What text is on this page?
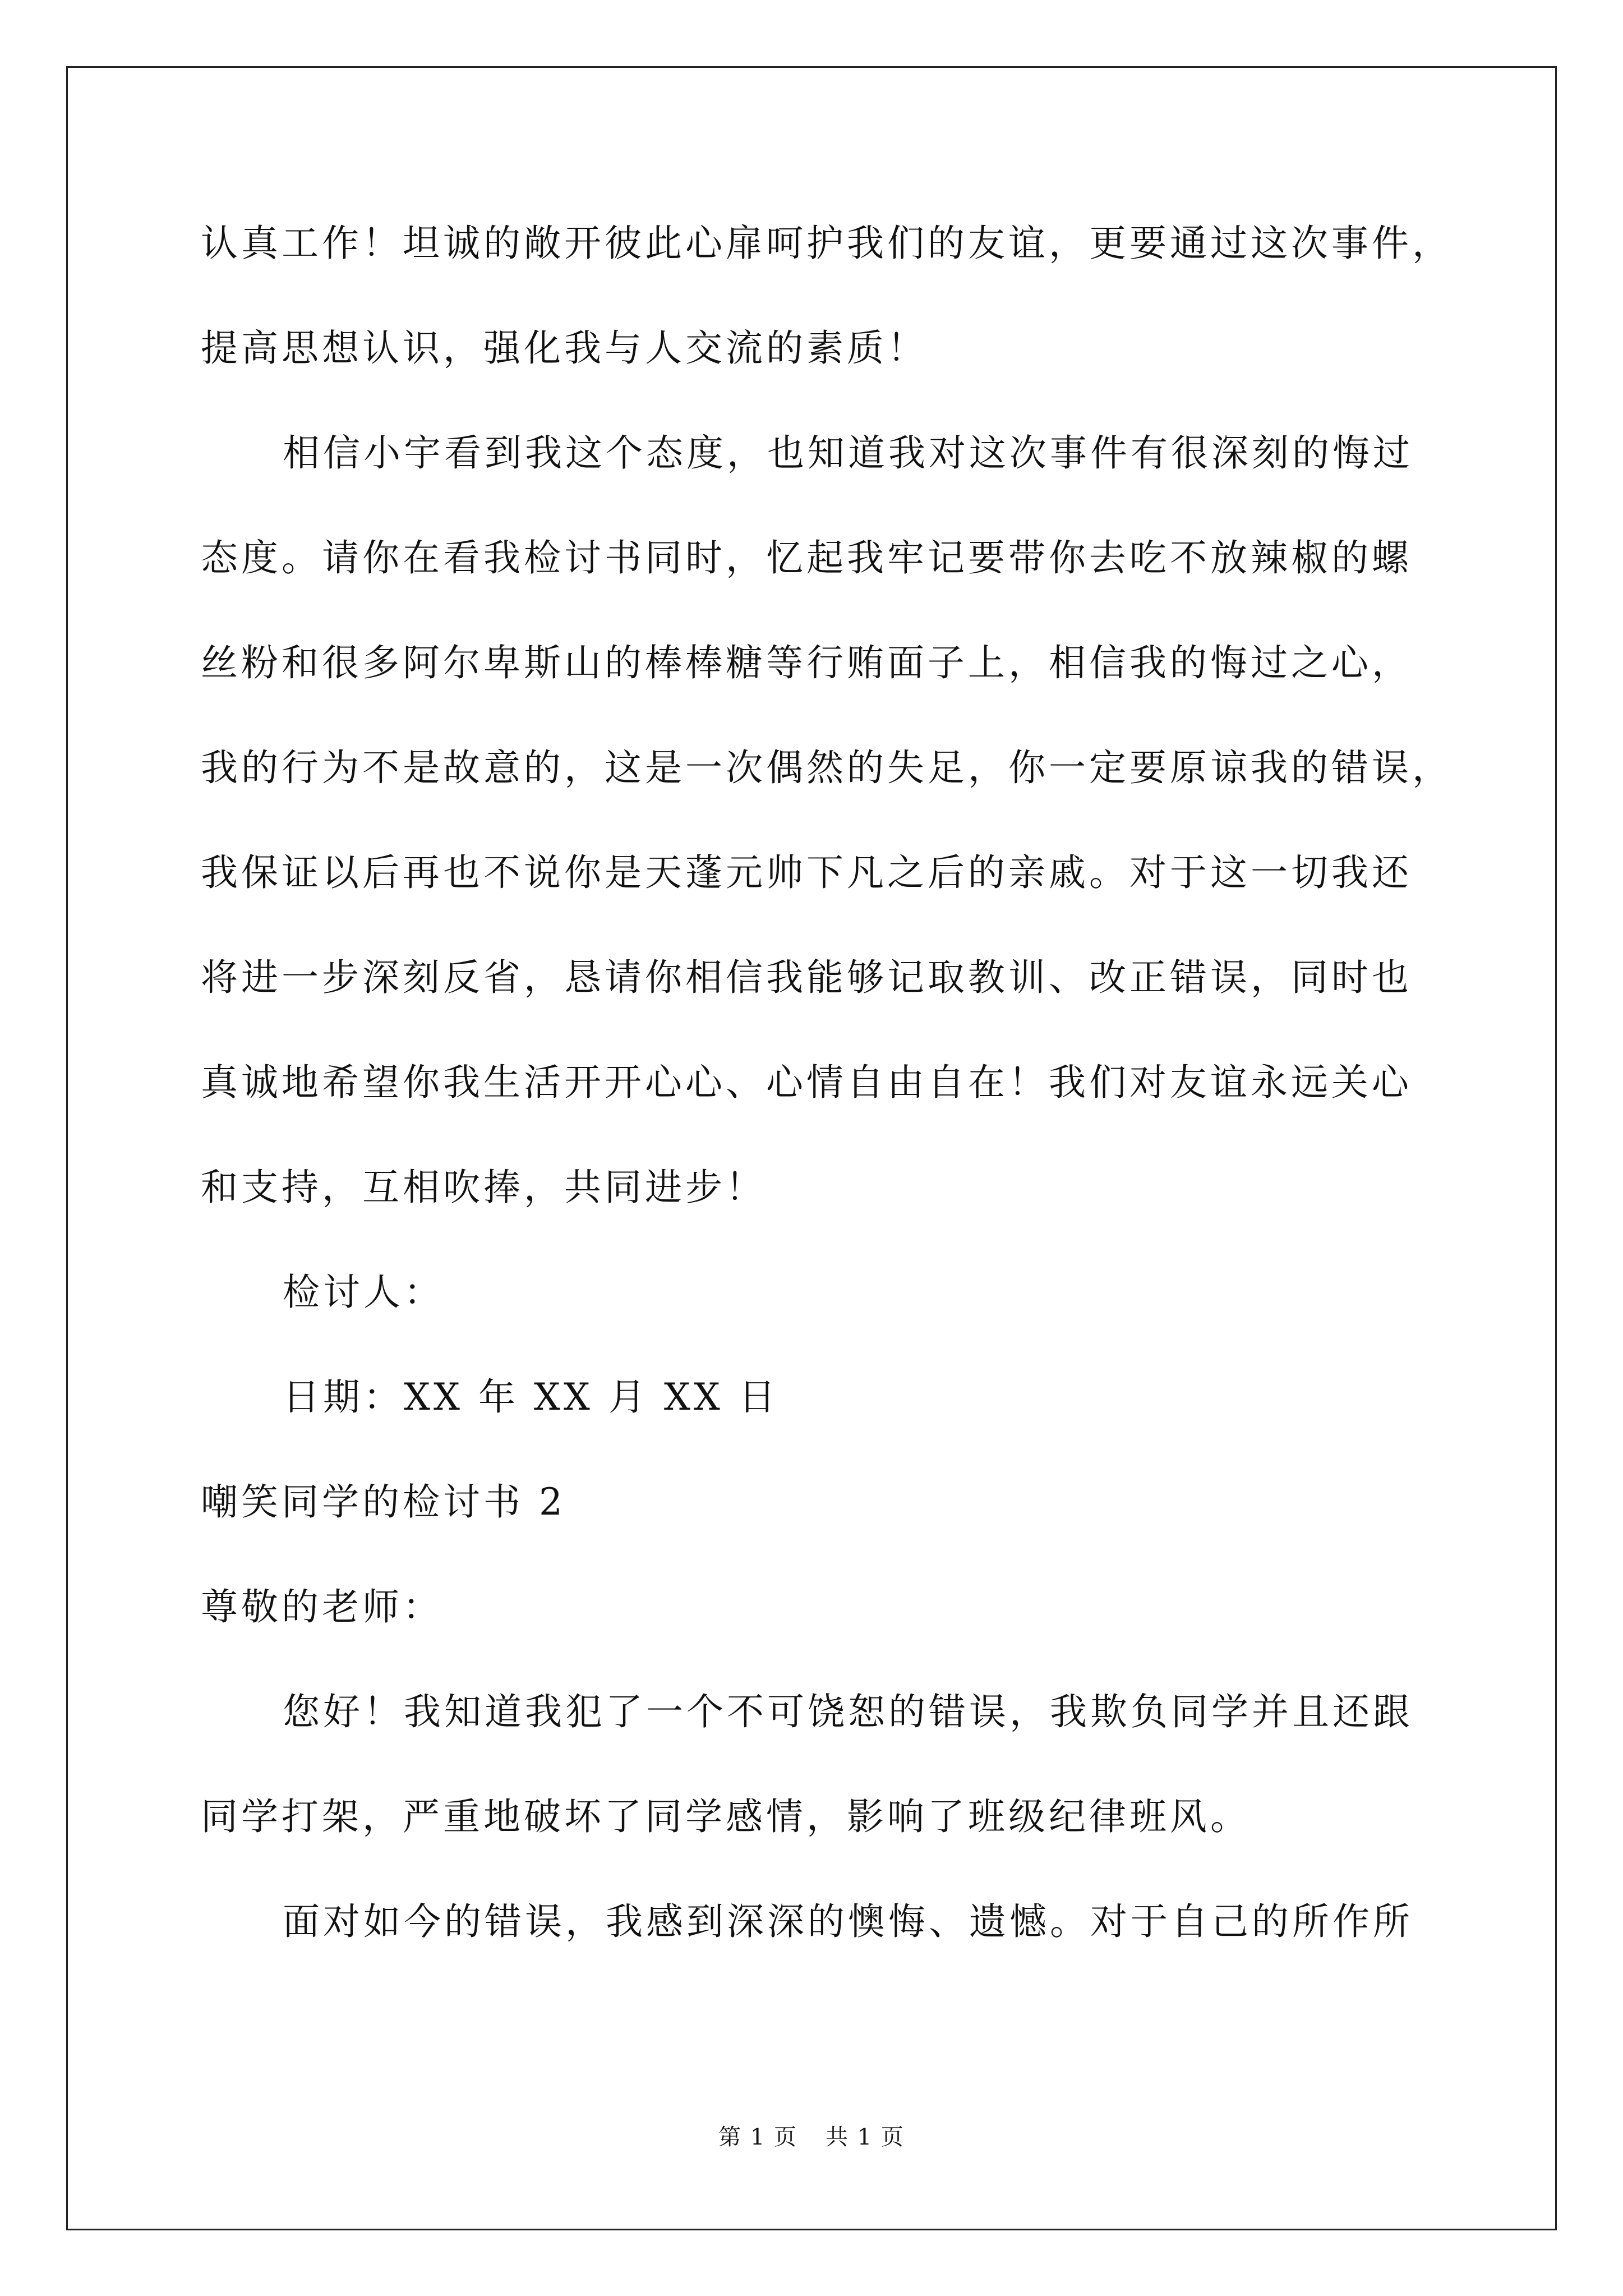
认真工作！坦诚的敞开彼此心扉呵护我们的友谊，更要通过这次事件，
提高思想认识，强化我与人交流的素质！
相信小宇看到我这个态度，也知道我对这次事件有很深刻的悔过
态度。请你在看我检讨书同时，忆起我牢记要带你去吃不放辣椒的螺
丝粉和很多阿尔卑斯山的棒棒糖等行贿面子上，相信我的悔过之心，
我的行为不是故意的，这是一次偶然的失足，你一定要原谅我的错误，
我保证以后再也不说你是天蓬元帅下凡之后的亲戚。对于这一切我还
将进一步深刻反省，恳请你相信我能够记取教训、改正错误，同时也
真诚地希望你我生活开开心心、心情自由自在！我们对友谊永远关心
和支持，互相吹捧，共同进步！
检讨人：
日期：XX 年 XX 月 XX 日
嘲笑同学的检讨书 2
尊敬的老师：
您好！我知道我犯了一个不可饶恕的错误，我欺负同学并且还跟
同学打架，严重地破坏了同学感情，影响了班级纪律班风。
面对如今的错误，我感到深深的懊悔、遗憾。对于自己的所作所
第 1 页 共 1 页
